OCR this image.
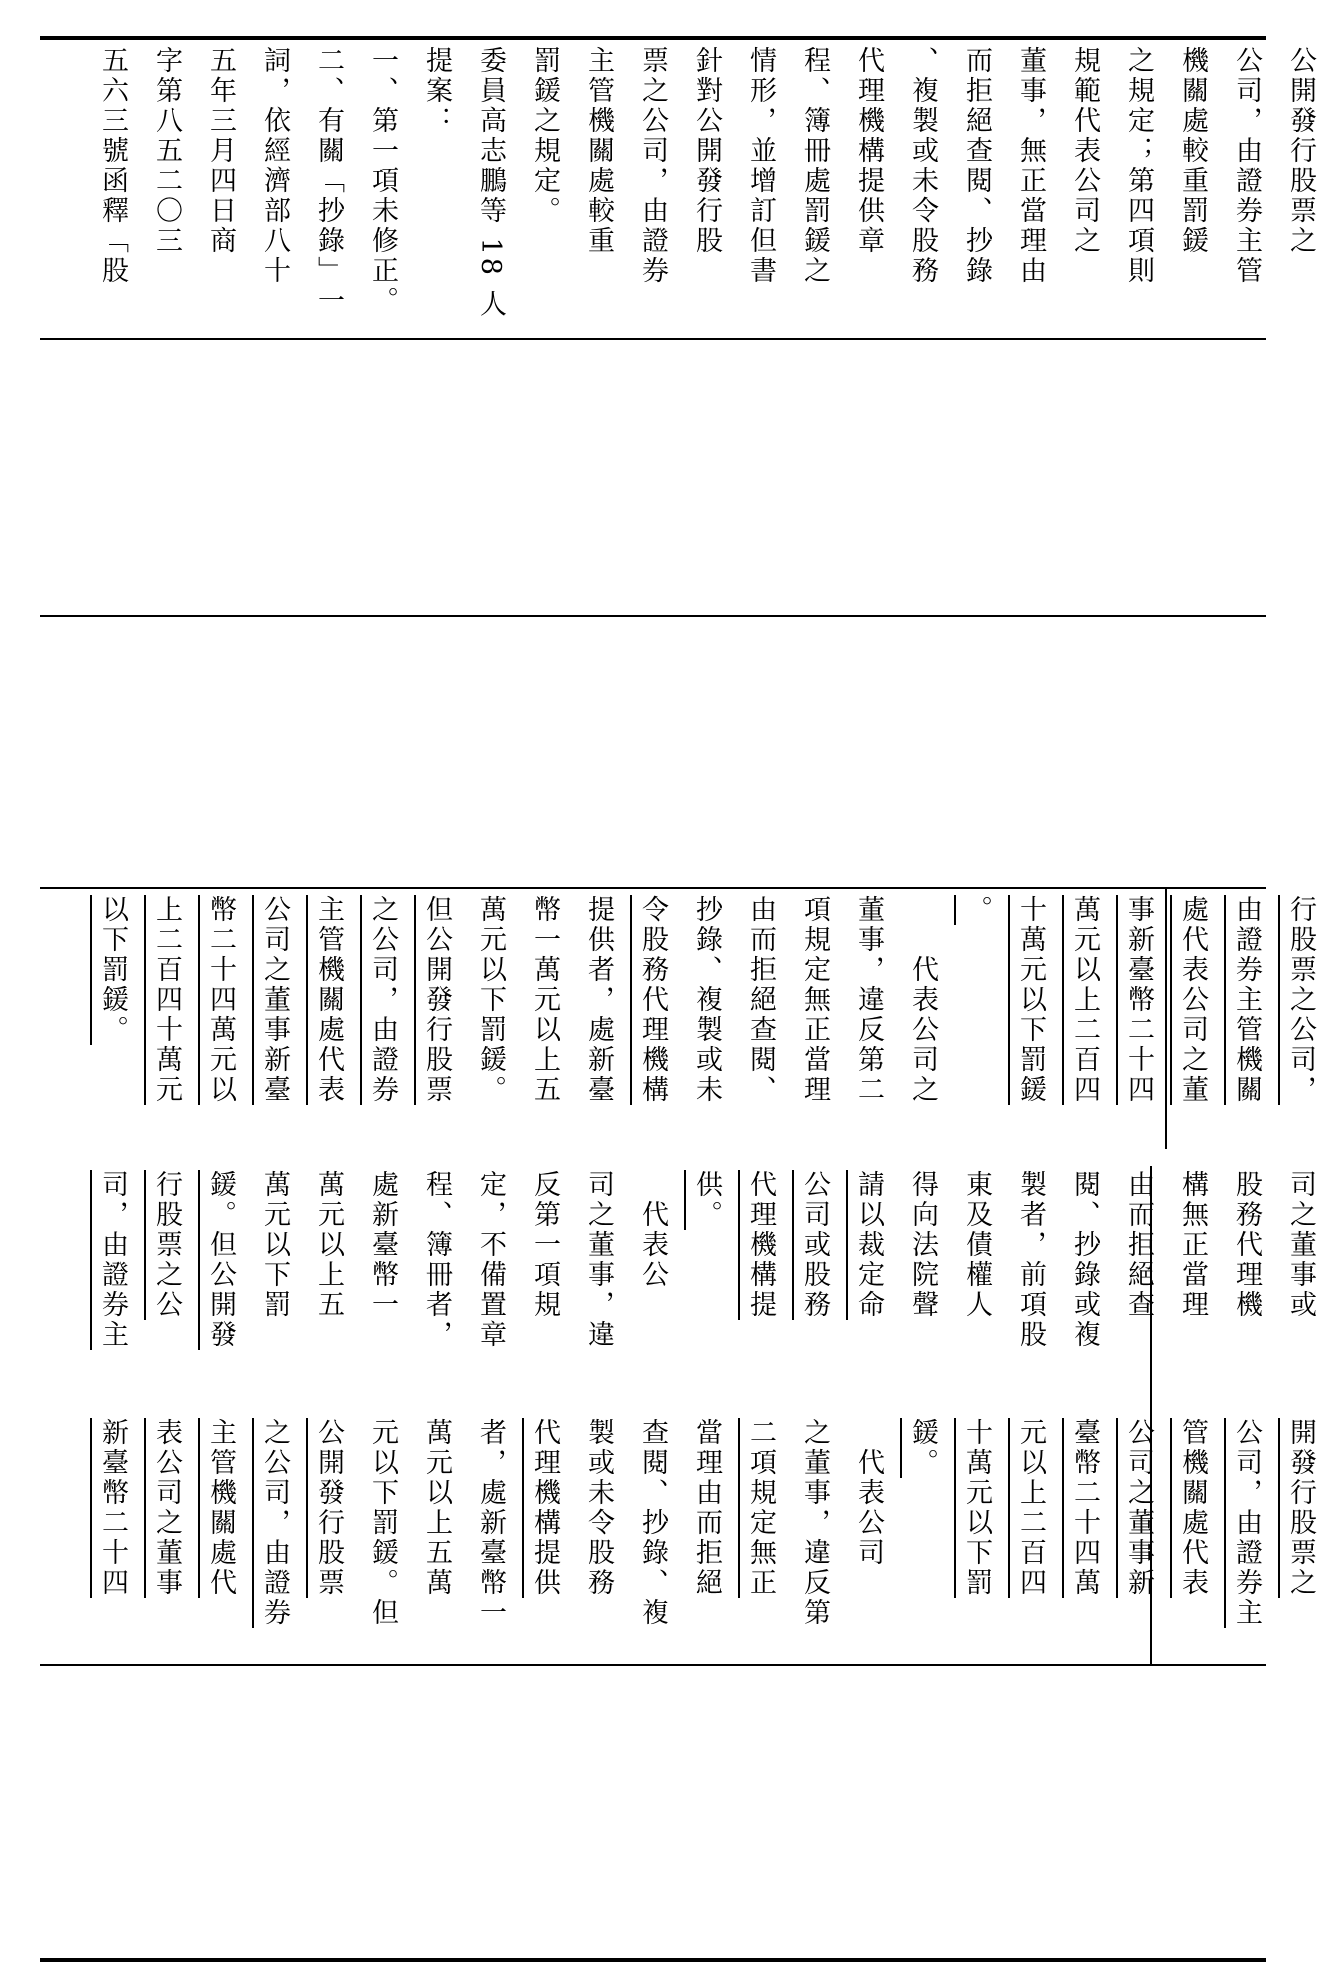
公開發行股票之
公司，由證券主管
機關處較重罰鍰
之規定；第四項則
規範代表公司之
董事，無正當理由
而拒絕查閱、抄錄
、複製或未令股務
代理機構提供章
程、簿冊處罰鍰之
情形，並增訂但書
針對公開發行股
票之公司，由證券
主管機關處較重
罰鍰之規定。
委員高志鵬等 18 人
提案：
一、第一項未修正。
二、有關「抄錄」一
詞，依經濟部八十
五年三月四日商
字第八五二〇三
五六三號函釋「股
行股票之公司，
由證券主管機關
處代表公司之董
事新臺幣二十四
萬元以上二百四
十萬元以下罰鍰
。
　　代表公司之
董事，違反第二
項規定無正當理
由而拒絕查閱、
抄錄、複製或未
令股務代理機構
提供者，處新臺
幣一萬元以上五
萬元以下罰鍰。
但公開發行股票
之公司，由證券
主管機關處代表
公司之董事新臺
幣二十四萬元以
上二百四十萬元
以下罰鍰。
司之董事或
股務代理機
構無正當理
由而拒絕查
閱、抄錄或複
製者，前項股
東及債權人
得向法院聲
請以裁定命
公司或股務
代理機構提
供。
　代表公
司之董事，違
反第一項規
定，不備置章
程、簿冊者，
處新臺幣一
萬元以上五
萬元以下罰
鍰。但公開發
行股票之公
司，由證券主
開發行股票之
公司，由證券主
管機關處代表
公司之董事新
臺幣二十四萬
元以上二百四
十萬元以下罰
鍰。
　代表公司
之董事，違反第
二項規定無正
當理由而拒絕
查閱、抄錄、複
製或未令股務
代理機構提供
者，處新臺幣一
萬元以上五萬
元以下罰鍰。但
公開發行股票
之公司，由證券
主管機關處代
表公司之董事
新臺幣二十四
